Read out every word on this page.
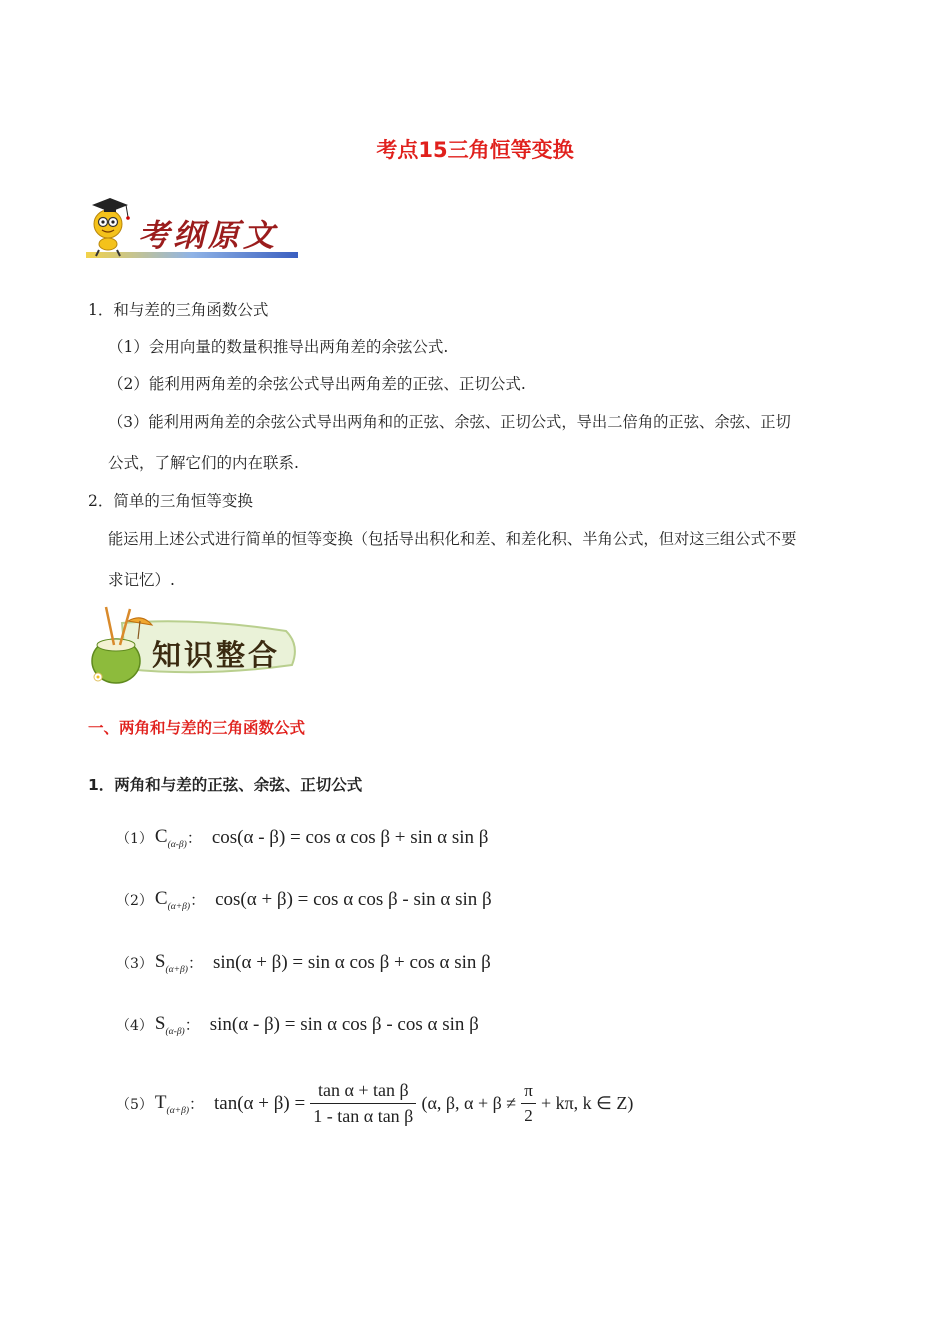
考点15三角恒等变换
考纲原文
1．和与差的三角函数公式
（1）会用向量的数量积推导出两角差的余弦公式.
（2）能利用两角差的余弦公式导出两角差的正弦、正切公式.
（3）能利用两角差的余弦公式导出两角和的正弦、余弦、正切公式，导出二倍角的正弦、余弦、正切
公式，了解它们的内在联系.
2．简单的三角恒等变换
能运用上述公式进行简单的恒等变换（包括导出积化和差、和差化积、半角公式，但对这三组公式不要
求记忆）.
知识整合
一、两角和与差的三角函数公式
1．两角和与差的正弦、余弦、正切公式
（1） $C_{(\alpha-\beta)}$： cos(α - β) = cos α cos β + sin α sin β
（2） $C_{(\alpha+\beta)}$： cos(α + β) = cos α cos β - sin α sin β
（3） $S_{(\alpha+\beta)}$： sin(α + β) = sin α cos β + cos α sin β
（4） $S_{(\alpha-\beta)}$： sin(α - β) = sin α cos β - cos α sin β
（5） $T_{(\alpha+\beta)}$： $\tan(\alpha + \beta) = \frac{\text{tan α + tan β}}{\text{1 - tan α tan β}} (\alpha$, β, $\alpha + \beta \ne \frac{\pi}{2} + k\pi$, k ∈ Z)
